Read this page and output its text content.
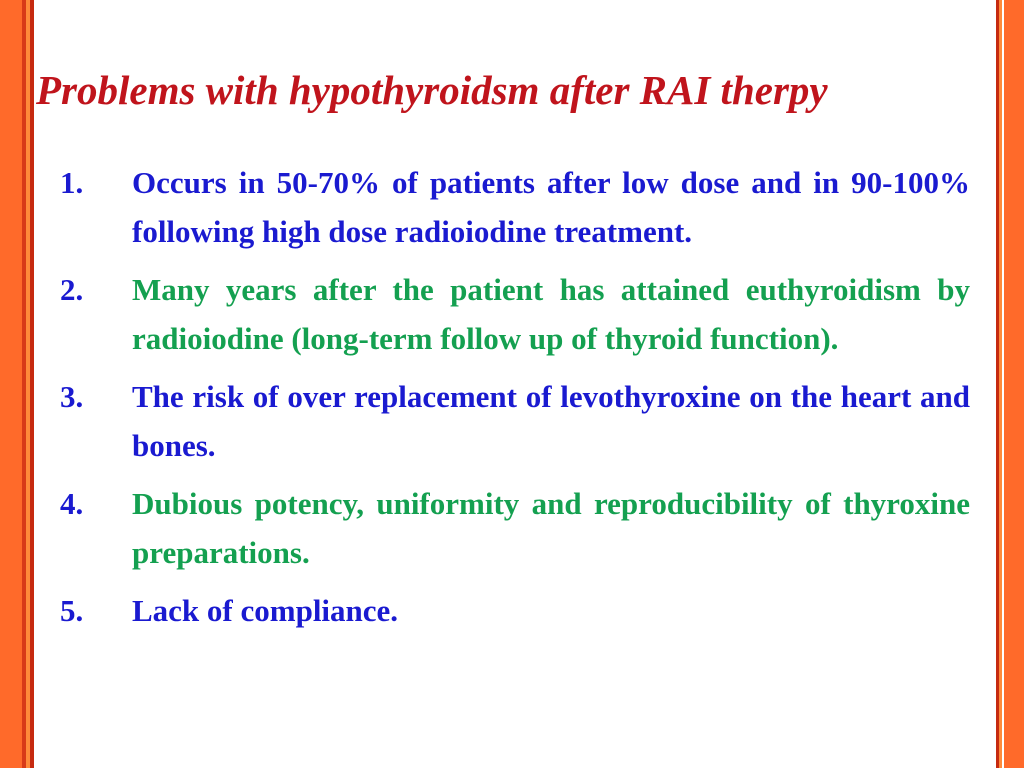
Problems with hypothyroidsm after RAI therpy
1.	Occurs in 50-70% of patients after low dose and in 90-100% following high dose radioiodine treatment.
2.	Many years after the patient has attained euthyroidism by radioiodine (long-term follow up of thyroid function).
3.	The risk of over replacement of levothyroxine on the heart and bones.
4.	Dubious potency, uniformity and reproducibility of thyroxine preparations.
5.	Lack of compliance.
